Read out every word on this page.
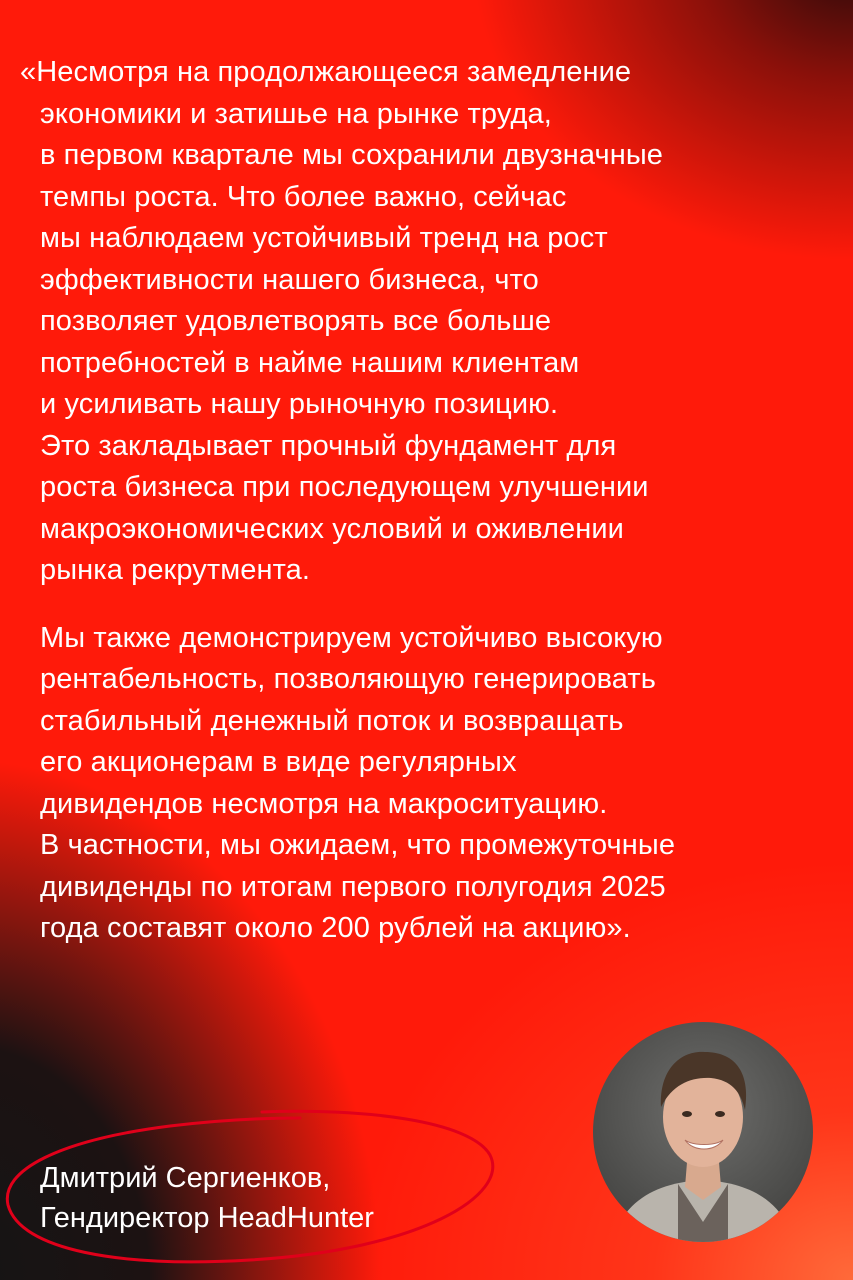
«Несмотря на продолжающееся замедление
экономики и затишье на рынке труда,
в первом квартале мы сохранили двузначные
темпы роста. Что более важно, сейчас
мы наблюдаем устойчивый тренд на рост
эффективности нашего бизнеса, что
позволяет удовлетворять все больше
потребностей в найме нашим клиентам
и усиливать нашу рыночную позицию.
Это закладывает прочный фундамент для
роста бизнеса при последующем улучшении
макроэкономических условий и оживлении
рынка рекрутмента.

Мы также демонстрируем устойчиво высокую
рентабельность, позволяющую генерировать
стабильный денежный поток и возвращать
его акционерам в виде регулярных
дивидендов несмотря на макроситуацию.
В частности, мы ожидаем, что промежуточные
дивиденды по итогам первого полугодия 2025
года составят около 200 рублей на акцию».

Дмитрий Сергиенков,
Гендиректор HeadHunter
